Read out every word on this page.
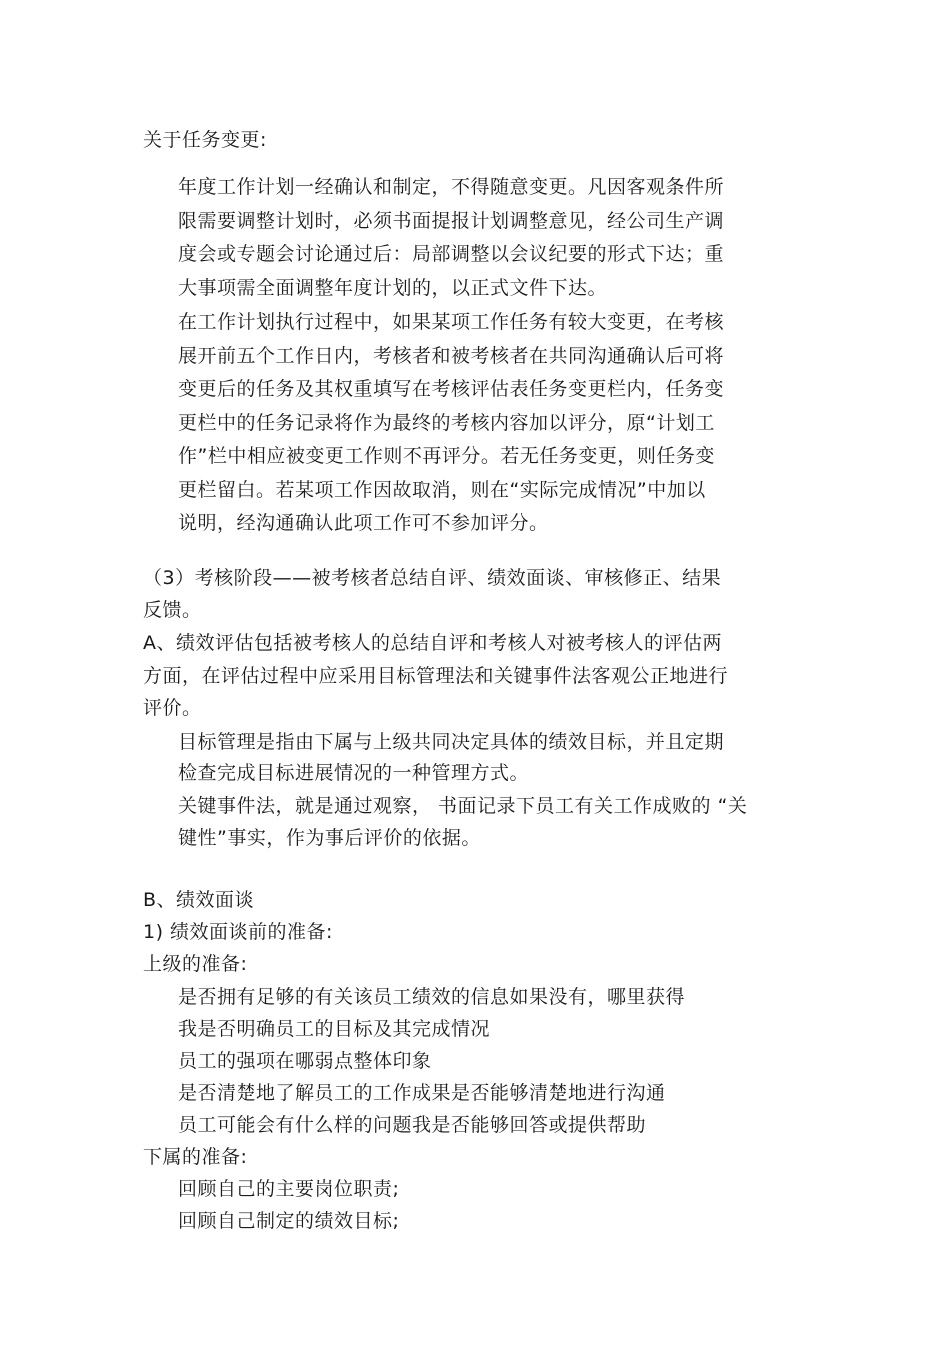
关于任务变更:
年度工作计划一经确认和制定，不得随意变更。凡因客观条件所
限需要调整计划时，必须书面提报计划调整意见，经公司生产调
度会或专题会讨论通过后：局部调整以会议纪要的形式下达；重
大事项需全面调整年度计划的，以正式文件下达。
在工作计划执行过程中，如果某项工作任务有较大变更，在考核
展开前五个工作日内，考核者和被考核者在共同沟通确认后可将
变更后的任务及其权重填写在考核评估表任务变更栏内，任务变
更栏中的任务记录将作为最终的考核内容加以评分，原“计划工
作”栏中相应被变更工作则不再评分。若无任务变更，则任务变
更栏留白。若某项工作因故取消，则在“实际完成情况”中加以
说明，经沟通确认此项工作可不参加评分。
（3）考核阶段——被考核者总结自评、绩效面谈、审核修正、结果
反馈。
A、绩效评估包括被考核人的总结自评和考核人对被考核人的评估两
方面，在评估过程中应采用目标管理法和关键事件法客观公正地进行
评价。
目标管理是指由下属与上级共同决定具体的绩效目标，并且定期
检查完成目标进展情况的一种管理方式。
关键事件法，就是通过观察， 书面记录下员工有关工作成败的 “关
键性”事实，作为事后评价的依据。
B、绩效面谈
1) 绩效面谈前的准备:
上级的准备:
是否拥有足够的有关该员工绩效的信息如果没有，哪里获得
我是否明确员工的目标及其完成情况
员工的强项在哪弱点整体印象
是否清楚地了解员工的工作成果是否能够清楚地进行沟通
员工可能会有什么样的问题我是否能够回答或提供帮助
下属的准备:
回顾自己的主要岗位职责;
回顾自己制定的绩效目标;
